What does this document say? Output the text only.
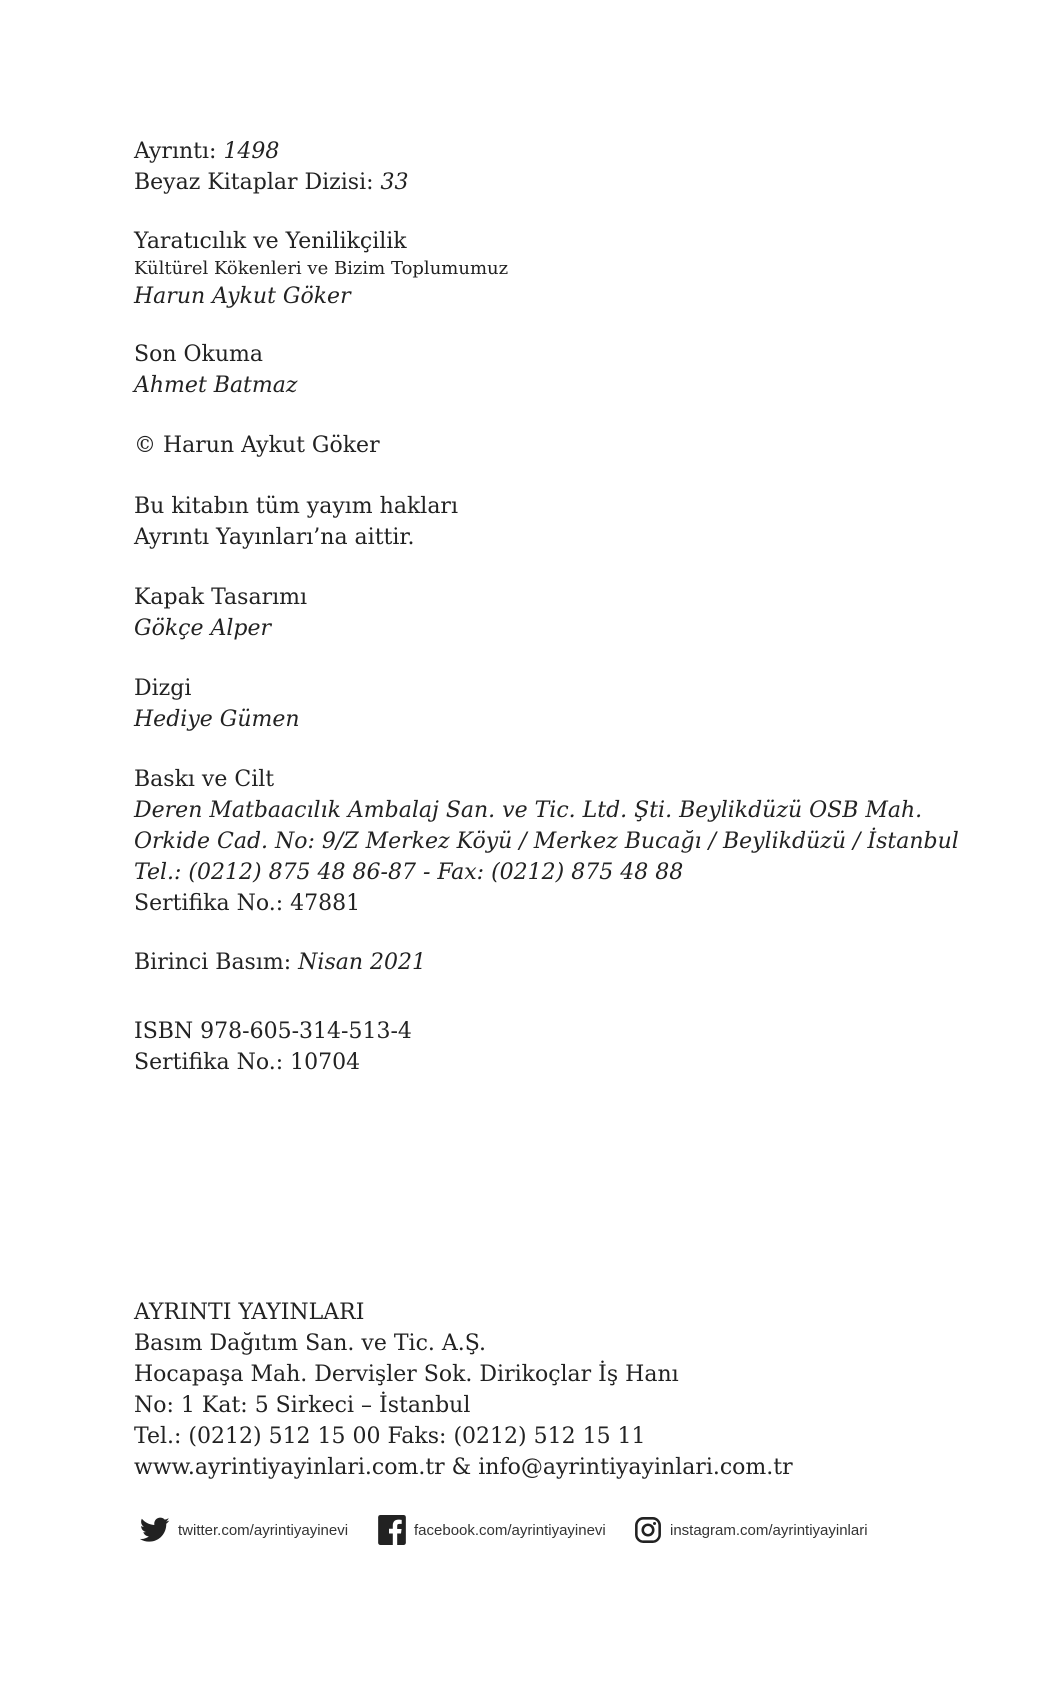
Ayrıntı: 1498
Beyaz Kitaplar Dizisi: 33
Yaratıcılık ve Yenilikçilik
Kültürel Kökenleri ve Bizim Toplumumuz
Harun Aykut Göker
Son Okuma
Ahmet Batmaz
© Harun Aykut Göker
Bu kitabın tüm yayım hakları
Ayrıntı Yayınları’na aittir.
Kapak Tasarımı
Gökçe Alper
Dizgi
Hediye Gümen
Baskı ve Cilt
Deren Matbaacılık Ambalaj San. ve Tic. Ltd. Şti. Beylikdüzü OSB Mah.
Orkide Cad. No: 9/Z Merkez Köyü / Merkez Bucağı / Beylikdüzü / İstanbul
Tel.: (0212) 875 48 86-87 - Fax: (0212) 875 48 88
Sertifika No.: 47881
Birinci Basım: Nisan 2021
ISBN 978-605-314-513-4
Sertifika No.: 10704
AYRINTI YAYINLARI
Basım Dağıtım San. ve Tic. A.Ş.
Hocapaşa Mah. Dervişler Sok. Dirikoçlar İş Hanı
No: 1 Kat: 5 Sirkeci – İstanbul
Tel.: (0212) 512 15 00 Faks: (0212) 512 15 11
www.ayrintiyayinlari.com.tr & info@ayrintiyayinlari.com.tr
twitter.com/ayrintiyayinevi	facebook.com/ayrintiyayinevi	instagram.com/ayrintiyayinlari
